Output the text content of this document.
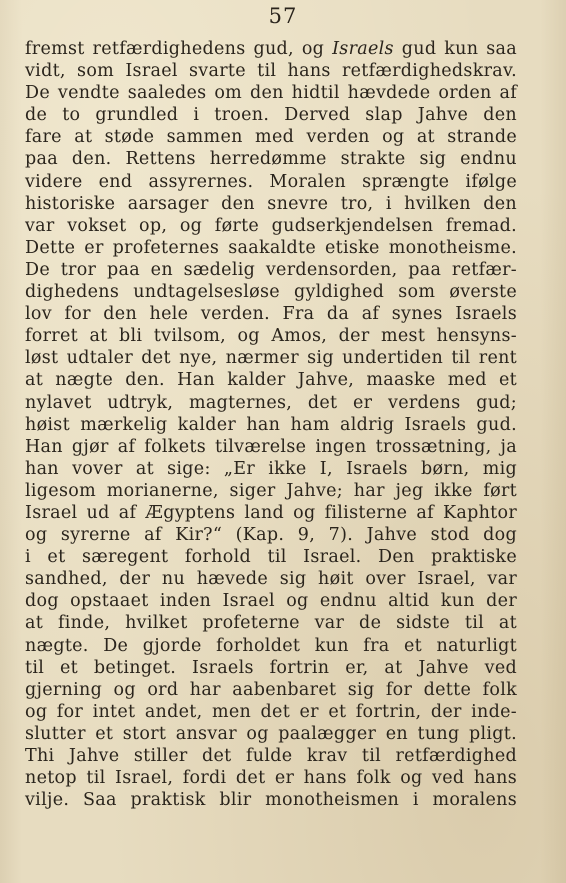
57
fremst retfærdighedens gud, og Israels gud kun saa
vidt, som Israel svarte til hans retfærdighedskrav.
De vendte saaledes om den hidtil hævdede orden af
de to grundled i troen. Derved slap Jahve den
fare at støde sammen med verden og at strande
paa den. Rettens herredømme strakte sig endnu
videre end assyrernes. Moralen sprængte ifølge
historiske aarsager den snevre tro, i hvilken den
var vokset op, og førte gudserkjendelsen fremad.
Dette er profeternes saakaldte etiske monotheisme.
De tror paa en sædelig verdensorden, paa retfær-
dighedens undtagelsesløse gyldighed som øverste
lov for den hele verden. Fra da af synes Israels
forret at bli tvilsom, og Amos, der mest hensyns-
løst udtaler det nye, nærmer sig undertiden til rent
at nægte den. Han kalder Jahve, maaske med et
nylavet udtryk, magternes, det er verdens gud;
høist mærkelig kalder han ham aldrig Israels gud.
Han gjør af folkets tilværelse ingen trossætning, ja
han vover at sige: „Er ikke I, Israels børn, mig
ligesom morianerne, siger Jahve; har jeg ikke ført
Israel ud af Ægyptens land og filisterne af Kaphtor
og syrerne af Kir?“ (Kap. 9, 7). Jahve stod dog
i et særegent forhold til Israel. Den praktiske
sandhed, der nu hævede sig høit over Israel, var
dog opstaaet inden Israel og endnu altid kun der
at finde, hvilket profeterne var de sidste til at
nægte. De gjorde forholdet kun fra et naturligt
til et betinget. Israels fortrin er, at Jahve ved
gjerning og ord har aabenbaret sig for dette folk
og for intet andet, men det er et fortrin, der inde-
slutter et stort ansvar og paalægger en tung pligt.
Thi Jahve stiller det fulde krav til retfærdighed
netop til Israel, fordi det er hans folk og ved hans
vilje. Saa praktisk blir monotheismen i moralens
